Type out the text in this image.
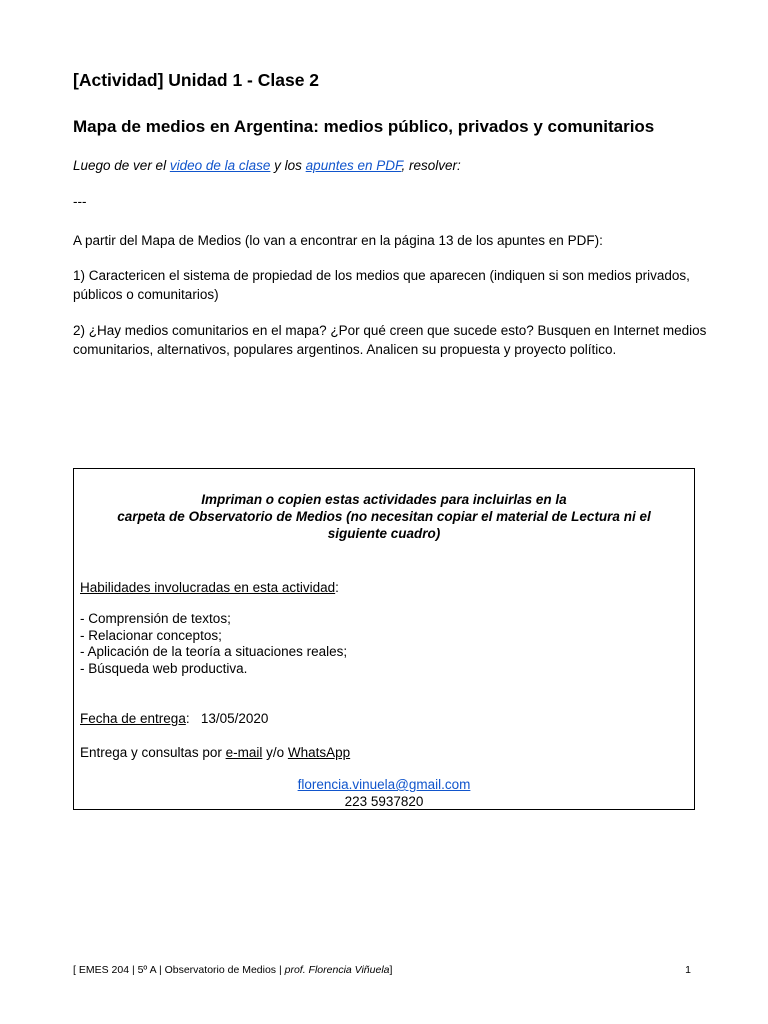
[Actividad] Unidad 1 - Clase 2
Mapa de medios en Argentina: medios público, privados y comunitarios
Luego de ver el video de la clase y los apuntes en PDF, resolver:
---
A partir del Mapa de Medios (lo van a encontrar en la página 13 de los apuntes en PDF):
1) Caractericen el sistema de propiedad de los medios que aparecen (indiquen si son medios privados, públicos o comunitarios)
2) ¿Hay medios comunitarios en el mapa? ¿Por qué creen que sucede esto? Busquen en Internet medios comunitarios, alternativos, populares argentinos. Analicen su propuesta y proyecto político.
Impriman o copien estas actividades para incluirlas en la
carpeta de Observatorio de Medios (no necesitan copiar el material de Lectura ni el
siguiente cuadro)
Habilidades involucradas en esta actividad:
- Comprensión de textos;
- Relacionar conceptos;
- Aplicación de la teoría a situaciones reales;
- Búsqueda web productiva.
Fecha de entrega: 13/05/2020
Entrega y consultas por e-mail y/o WhatsApp
florencia.vinuela@gmail.com
223 5937820
[ EMES 204 | 5º A | Observatorio de Medios | prof. Florencia Viñuela]	1
